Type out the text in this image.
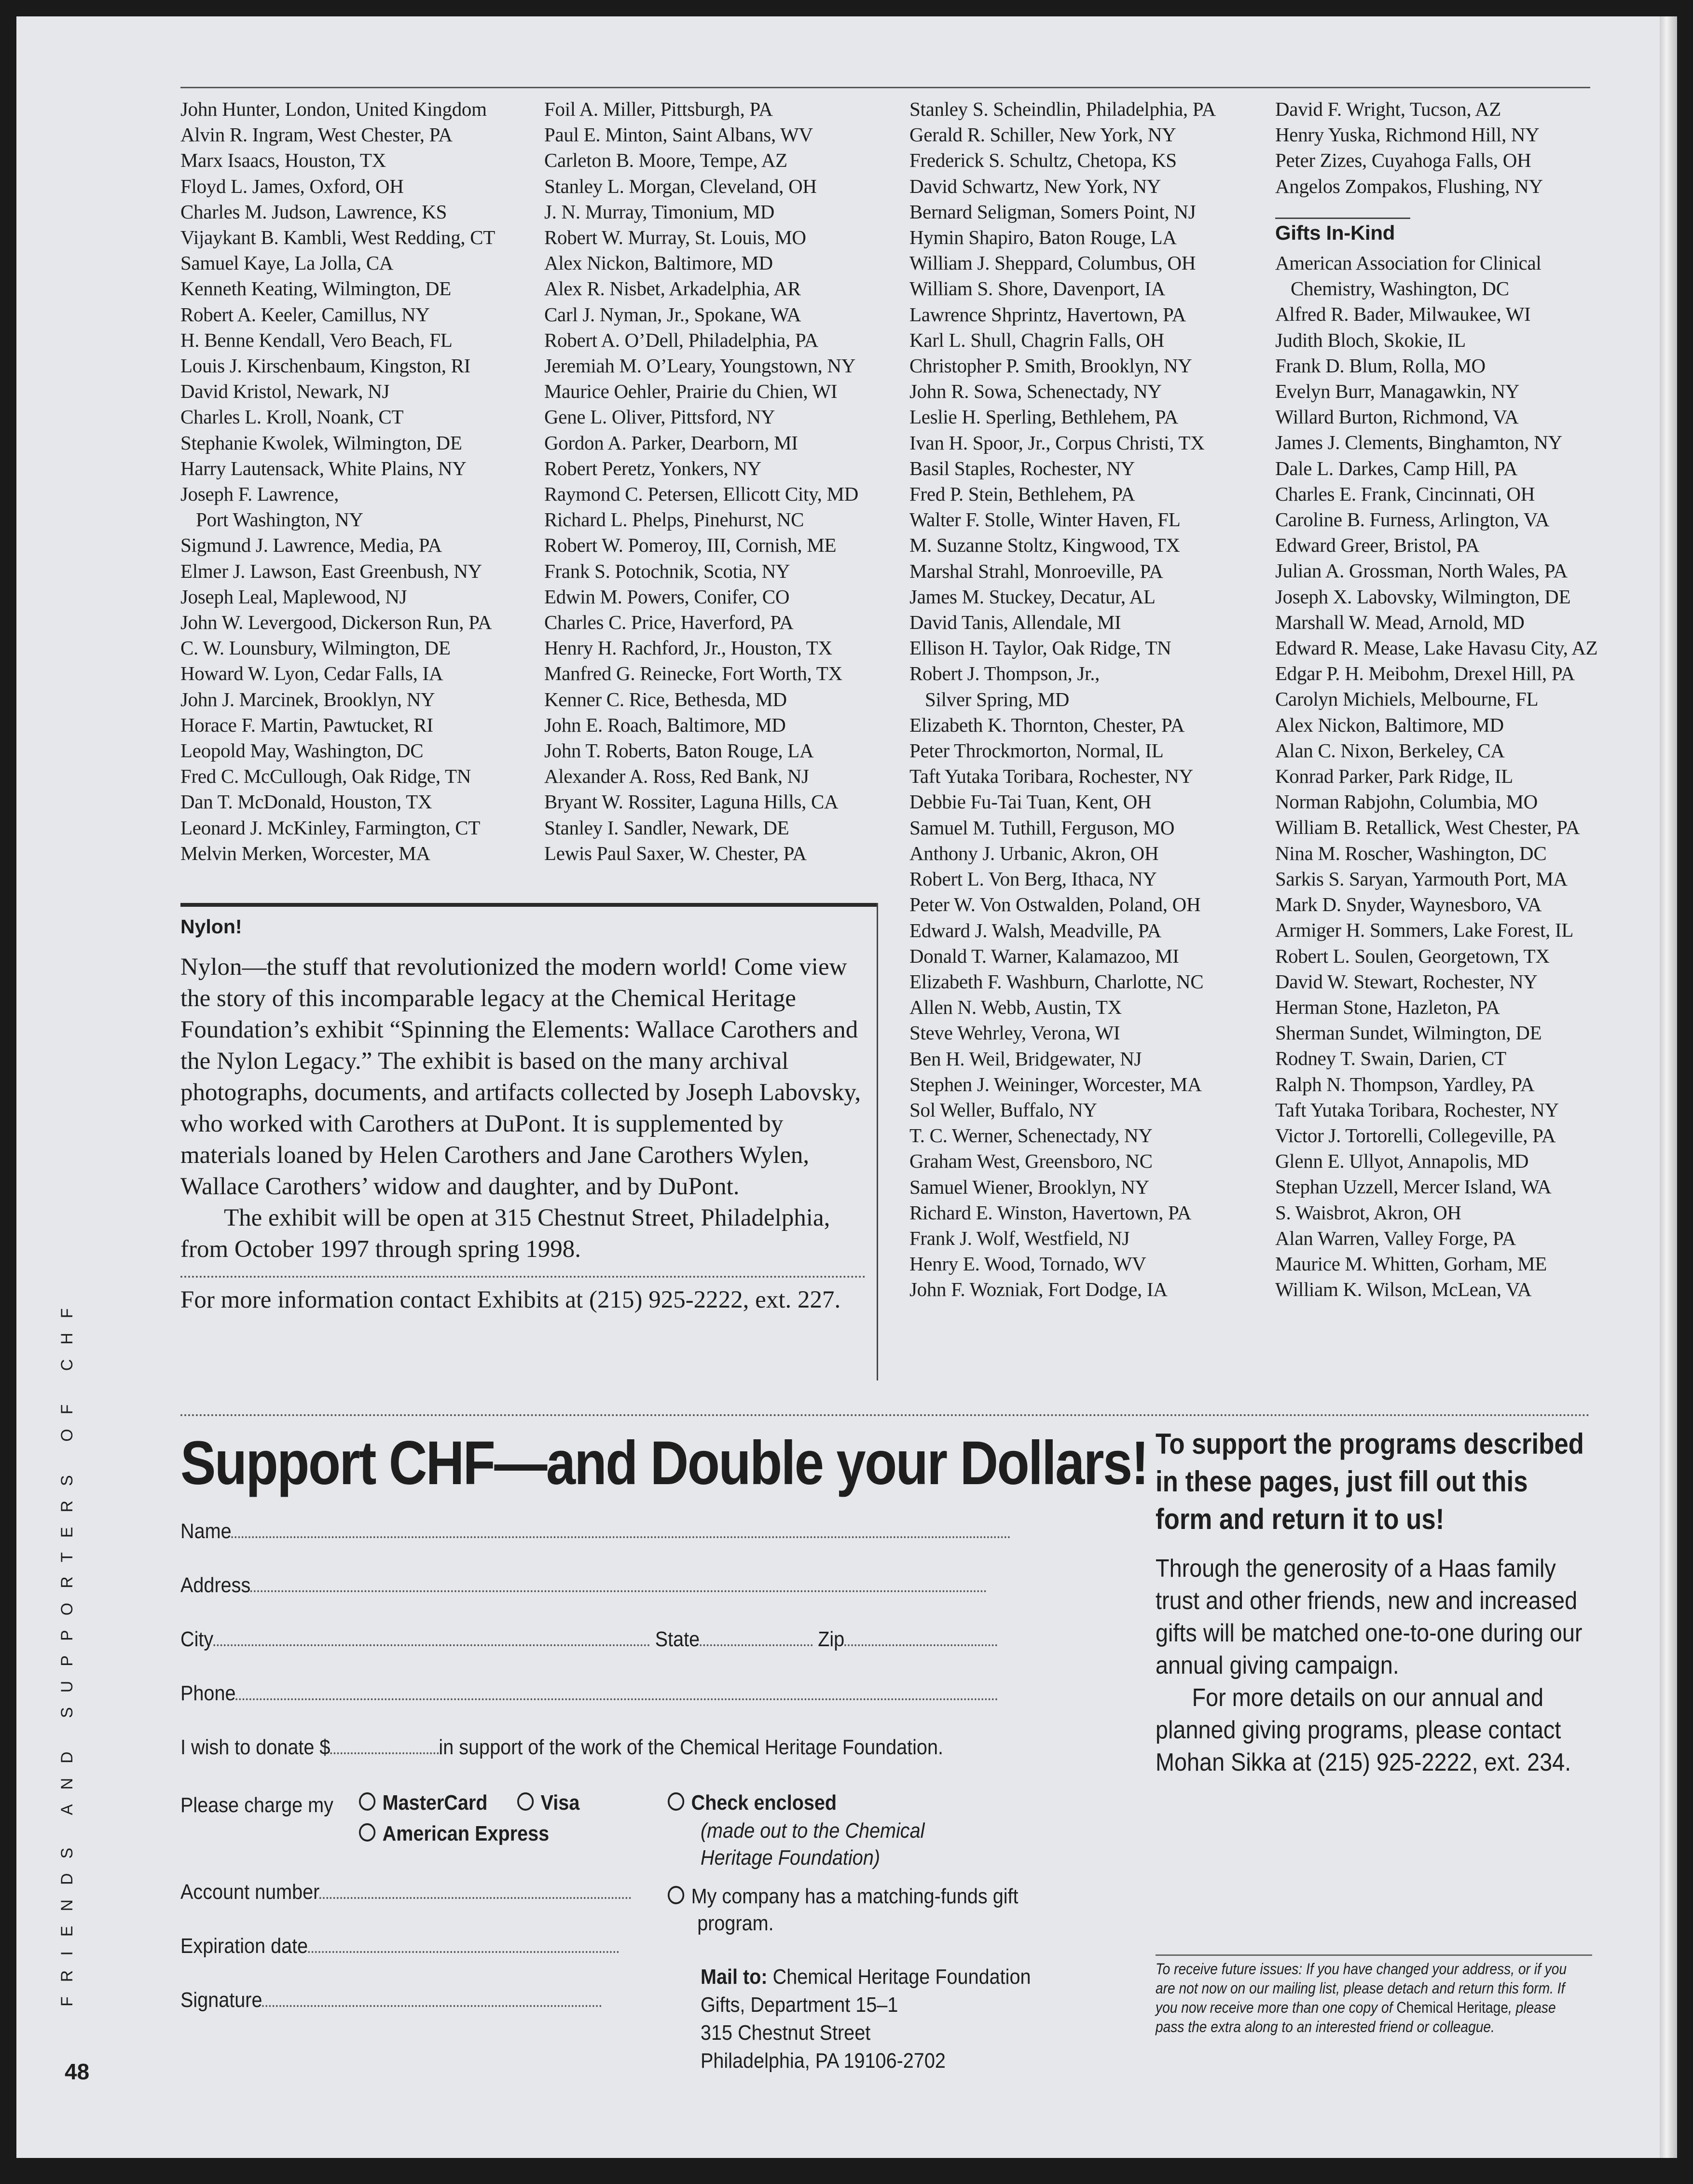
John Hunter, London, United Kingdom
Alvin R. Ingram, West Chester, PA
Marx Isaacs, Houston, TX
Floyd L. James, Oxford, OH
Charles M. Judson, Lawrence, KS
Vijaykant B. Kambli, West Redding, CT
Samuel Kaye, La Jolla, CA
Kenneth Keating, Wilmington, DE
Robert A. Keeler, Camillus, NY
H. Benne Kendall, Vero Beach, FL
Louis J. Kirschenbaum, Kingston, RI
David Kristol, Newark, NJ
Charles L. Kroll, Noank, CT
Stephanie Kwolek, Wilmington, DE
Harry Lautensack, White Plains, NY
Joseph F. Lawrence,
Port Washington, NY
Sigmund J. Lawrence, Media, PA
Elmer J. Lawson, East Greenbush, NY
Joseph Leal, Maplewood, NJ
John W. Levergood, Dickerson Run, PA
C. W. Lounsbury, Wilmington, DE
Howard W. Lyon, Cedar Falls, IA
John J. Marcinek, Brooklyn, NY
Horace F. Martin, Pawtucket, RI
Leopold May, Washington, DC
Fred C. McCullough, Oak Ridge, TN
Dan T. McDonald, Houston, TX
Leonard J. McKinley, Farmington, CT
Melvin Merken, Worcester, MA
Foil A. Miller, Pittsburgh, PA
Paul E. Minton, Saint Albans, WV
Carleton B. Moore, Tempe, AZ
Stanley L. Morgan, Cleveland, OH
J. N. Murray, Timonium, MD
Robert W. Murray, St. Louis, MO
Alex Nickon, Baltimore, MD
Alex R. Nisbet, Arkadelphia, AR
Carl J. Nyman, Jr., Spokane, WA
Robert A. O’Dell, Philadelphia, PA
Jeremiah M. O’Leary, Youngstown, NY
Maurice Oehler, Prairie du Chien, WI
Gene L. Oliver, Pittsford, NY
Gordon A. Parker, Dearborn, MI
Robert Peretz, Yonkers, NY
Raymond C. Petersen, Ellicott City, MD
Richard L. Phelps, Pinehurst, NC
Robert W. Pomeroy, III, Cornish, ME
Frank S. Potochnik, Scotia, NY
Edwin M. Powers, Conifer, CO
Charles C. Price, Haverford, PA
Henry H. Rachford, Jr., Houston, TX
Manfred G. Reinecke, Fort Worth, TX
Kenner C. Rice, Bethesda, MD
John E. Roach, Baltimore, MD
John T. Roberts, Baton Rouge, LA
Alexander A. Ross, Red Bank, NJ
Bryant W. Rossiter, Laguna Hills, CA
Stanley I. Sandler, Newark, DE
Lewis Paul Saxer, W. Chester, PA
Stanley S. Scheindlin, Philadelphia, PA
Gerald R. Schiller, New York, NY
Frederick S. Schultz, Chetopa, KS
David Schwartz, New York, NY
Bernard Seligman, Somers Point, NJ
Hymin Shapiro, Baton Rouge, LA
William J. Sheppard, Columbus, OH
William S. Shore, Davenport, IA
Lawrence Shprintz, Havertown, PA
Karl L. Shull, Chagrin Falls, OH
Christopher P. Smith, Brooklyn, NY
John R. Sowa, Schenectady, NY
Leslie H. Sperling, Bethlehem, PA
Ivan H. Spoor, Jr., Corpus Christi, TX
Basil Staples, Rochester, NY
Fred P. Stein, Bethlehem, PA
Walter F. Stolle, Winter Haven, FL
M. Suzanne Stoltz, Kingwood, TX
Marshal Strahl, Monroeville, PA
James M. Stuckey, Decatur, AL
David Tanis, Allendale, MI
Ellison H. Taylor, Oak Ridge, TN
Robert J. Thompson, Jr.,
Silver Spring, MD
Elizabeth K. Thornton, Chester, PA
Peter Throckmorton, Normal, IL
Taft Yutaka Toribara, Rochester, NY
Debbie Fu-Tai Tuan, Kent, OH
Samuel M. Tuthill, Ferguson, MO
Anthony J. Urbanic, Akron, OH
Robert L. Von Berg, Ithaca, NY
Peter W. Von Ostwalden, Poland, OH
Edward J. Walsh, Meadville, PA
Donald T. Warner, Kalamazoo, MI
Elizabeth F. Washburn, Charlotte, NC
Allen N. Webb, Austin, TX
Steve Wehrley, Verona, WI
Ben H. Weil, Bridgewater, NJ
Stephen J. Weininger, Worcester, MA
Sol Weller, Buffalo, NY
T. C. Werner, Schenectady, NY
Graham West, Greensboro, NC
Samuel Wiener, Brooklyn, NY
Richard E. Winston, Havertown, PA
Frank J. Wolf, Westfield, NJ
Henry E. Wood, Tornado, WV
John F. Wozniak, Fort Dodge, IA
David F. Wright, Tucson, AZ
Henry Yuska, Richmond Hill, NY
Peter Zizes, Cuyahoga Falls, OH
Angelos Zompakos, Flushing, NY
Gifts In-Kind
American Association for Clinical
Chemistry, Washington, DC
Alfred R. Bader, Milwaukee, WI
Judith Bloch, Skokie, IL
Frank D. Blum, Rolla, MO
Evelyn Burr, Managawkin, NY
Willard Burton, Richmond, VA
James J. Clements, Binghamton, NY
Dale L. Darkes, Camp Hill, PA
Charles E. Frank, Cincinnati, OH
Caroline B. Furness, Arlington, VA
Edward Greer, Bristol, PA
Julian A. Grossman, North Wales, PA
Joseph X. Labovsky, Wilmington, DE
Marshall W. Mead, Arnold, MD
Edward R. Mease, Lake Havasu City, AZ
Edgar P. H. Meibohm, Drexel Hill, PA
Carolyn Michiels, Melbourne, FL
Alex Nickon, Baltimore, MD
Alan C. Nixon, Berkeley, CA
Konrad Parker, Park Ridge, IL
Norman Rabjohn, Columbia, MO
William B. Retallick, West Chester, PA
Nina M. Roscher, Washington, DC
Sarkis S. Saryan, Yarmouth Port, MA
Mark D. Snyder, Waynesboro, VA
Armiger H. Sommers, Lake Forest, IL
Robert L. Soulen, Georgetown, TX
David W. Stewart, Rochester, NY
Herman Stone, Hazleton, PA
Sherman Sundet, Wilmington, DE
Rodney T. Swain, Darien, CT
Ralph N. Thompson, Yardley, PA
Taft Yutaka Toribara, Rochester, NY
Victor J. Tortorelli, Collegeville, PA
Glenn E. Ullyot, Annapolis, MD
Stephan Uzzell, Mercer Island, WA
S. Waisbrot, Akron, OH
Alan Warren, Valley Forge, PA
Maurice M. Whitten, Gorham, ME
William K. Wilson, McLean, VA
Nylon!

Nylon—the stuff that revolutionized the modern world! Come view the story of this incomparable legacy at the Chemical Heritage Foundation’s exhibit “Spinning the Elements: Wallace Carothers and the Nylon Legacy.” The exhibit is based on the many archival photographs, documents, and artifacts collected by Joseph Labovsky, who worked with Carothers at DuPont. It is supplemented by materials loaned by Helen Carothers and Jane Carothers Wylen, Wallace Carothers’ widow and daughter, and by DuPont.

The exhibit will be open at 315 Chestnut Street, Philadelphia, from October 1997 through spring 1998.

For more information contact Exhibits at (215) 925-2222, ext. 227.

Support CHF—and Double your Dollars!
Name
Address
City	State	Zip
Phone
I wish to donate $	in support of the work of the Chemical Heritage Foundation.
Please charge my	MasterCard	Visa
American Express
Check enclosed
(made out to the Chemical Heritage Foundation)
My company has a matching-funds gift program.
Account number
Expiration date
Signature
Mail to: Chemical Heritage Foundation
Gifts, Department 15–1
315 Chestnut Street
Philadelphia, PA 19106-2702
To support the programs described in these pages, just fill out this form and return it to us!

Through the generosity of a Haas family trust and other friends, new and increased gifts will be matched one-to-one during our annual giving campaign.

For more details on our annual and planned giving programs, please contact Mohan Sikka at (215) 925-2222, ext. 234.

To receive future issues: If you have changed your address, or if you are not now on our mailing list, please detach and return this form. If you now receive more than one copy of Chemical Heritage, please pass the extra along to an interested friend or colleague.
FRIENDS AND SUPPORTERS OF CHF
48
